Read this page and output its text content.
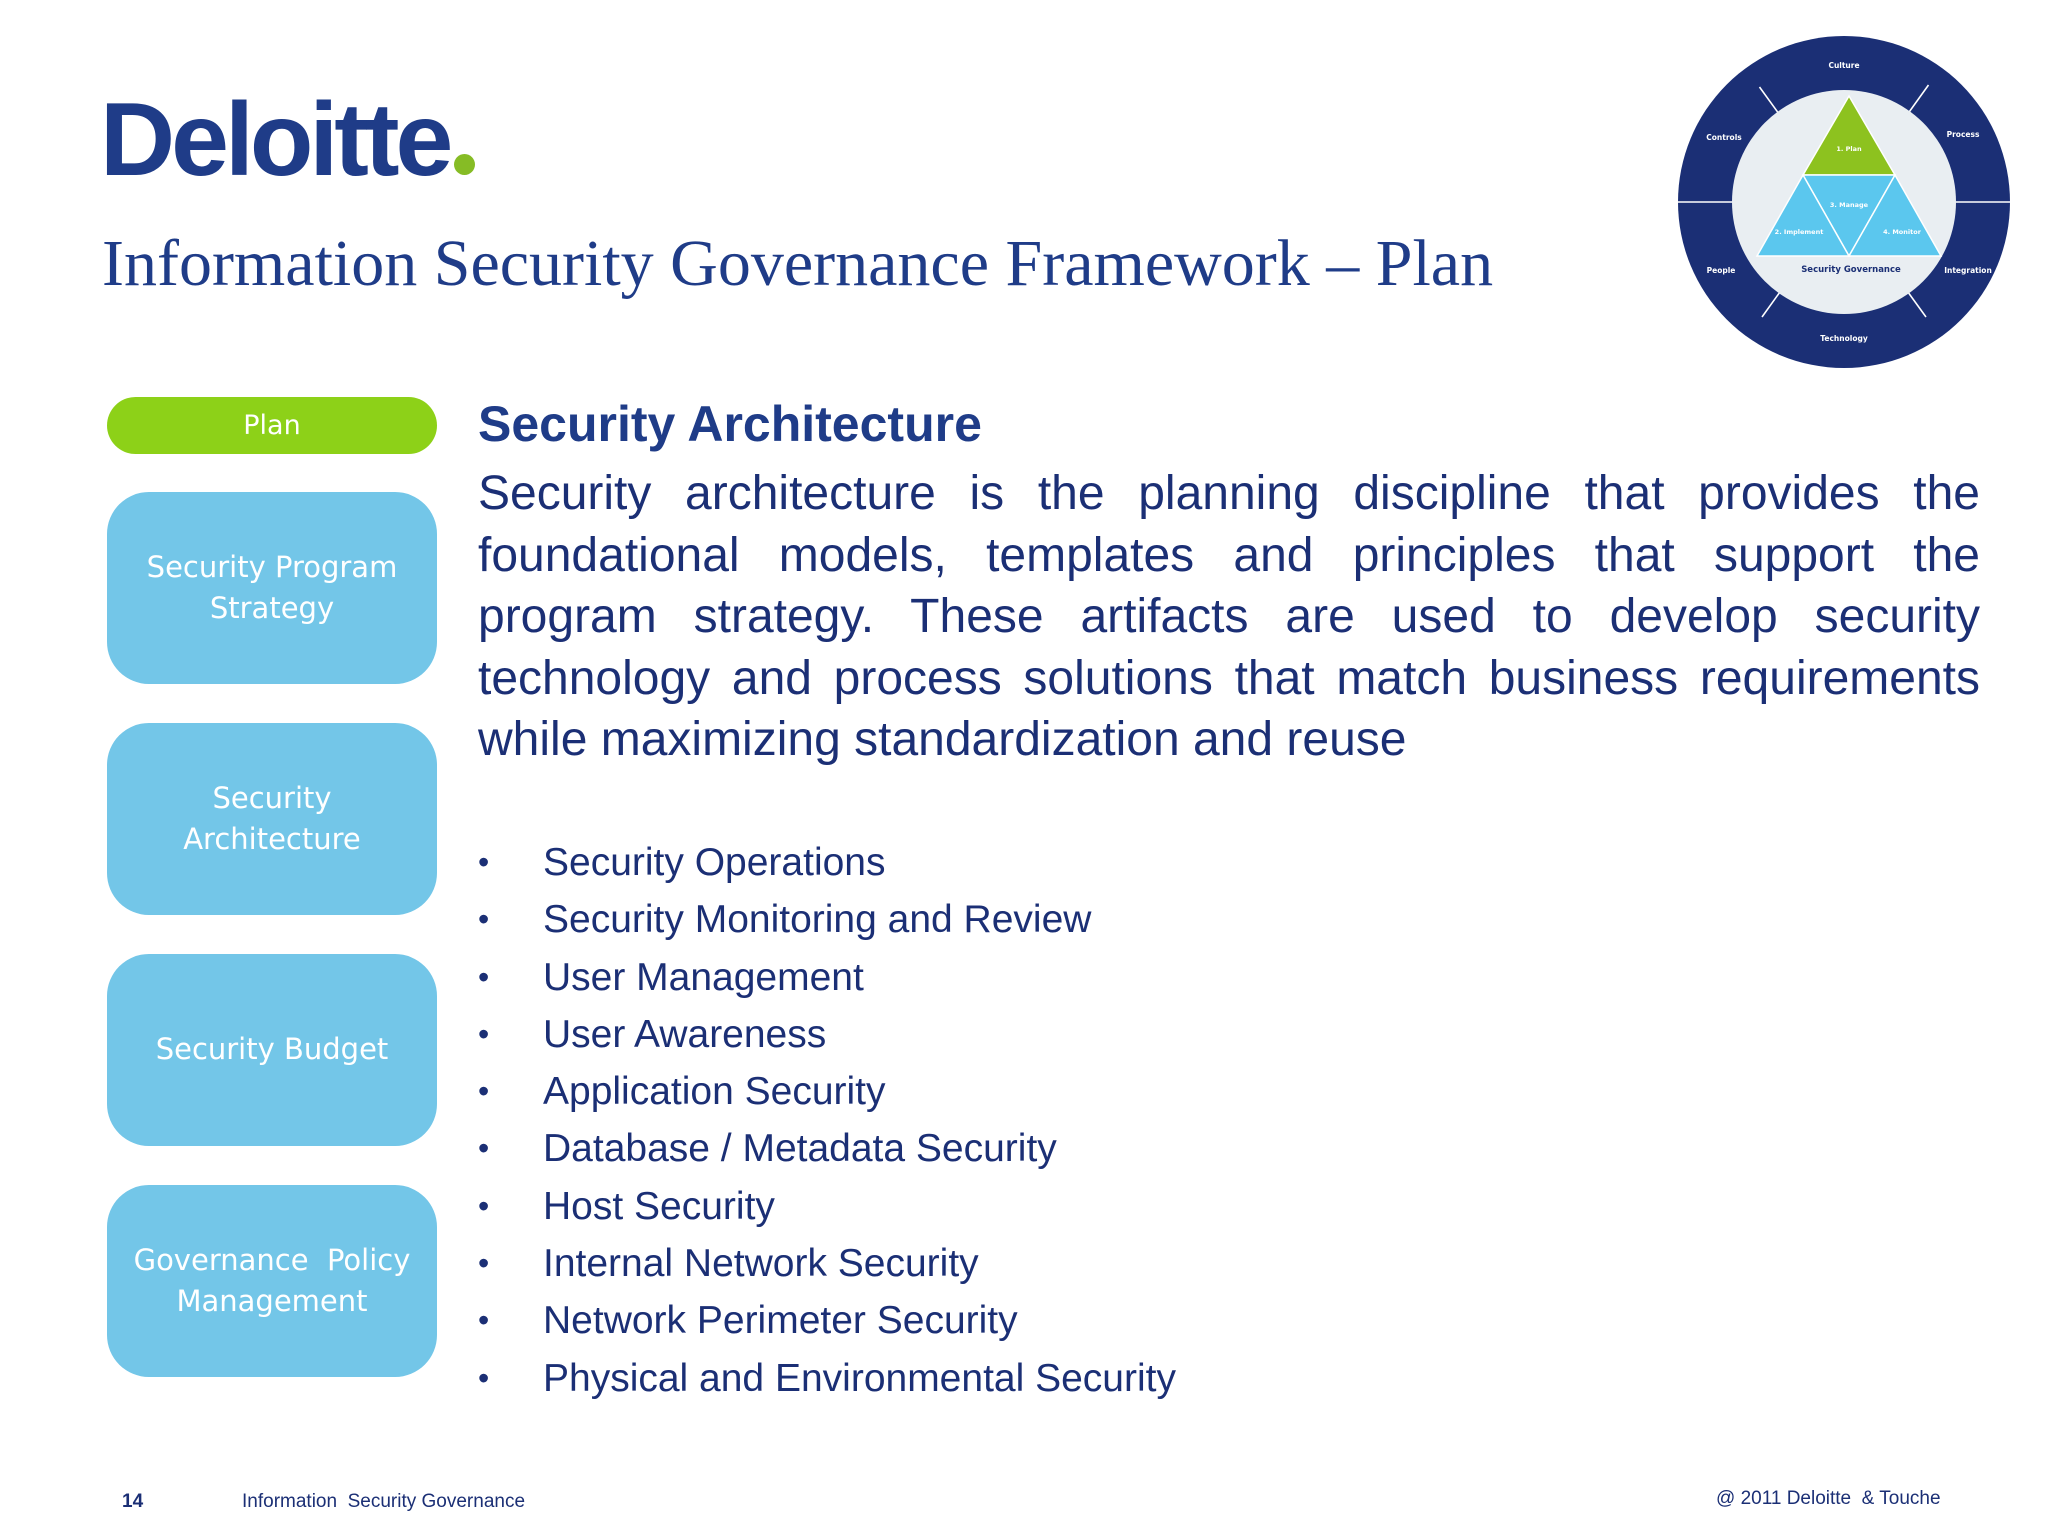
Deloitte
Information Security Governance Framework – Plan
Culture
Process
Integration
Technology
People
Controls
1. Plan
3. Manage
2. Implement	4. Monitor
Security Governance
Plan
Security Program
Strategy
Security Architecture
Security Budget
Governance  Policy
Management
Security Architecture

Security architecture is the planning discipline that provides the foundational models, templates and principles that support the program strategy. These artifacts are used to develop security technology and process solutions that match business requirements while maximizing standardization and reuse

• Security Operations
• Security Monitoring and Review
• User Management
• User Awareness
• Application Security
• Database / Metadata Security
• Host Security
• Internal Network Security
• Network Perimeter Security
• Physical and Environmental Security
14	Information  Security Governance	@ 2011 Deloitte  & Touche
